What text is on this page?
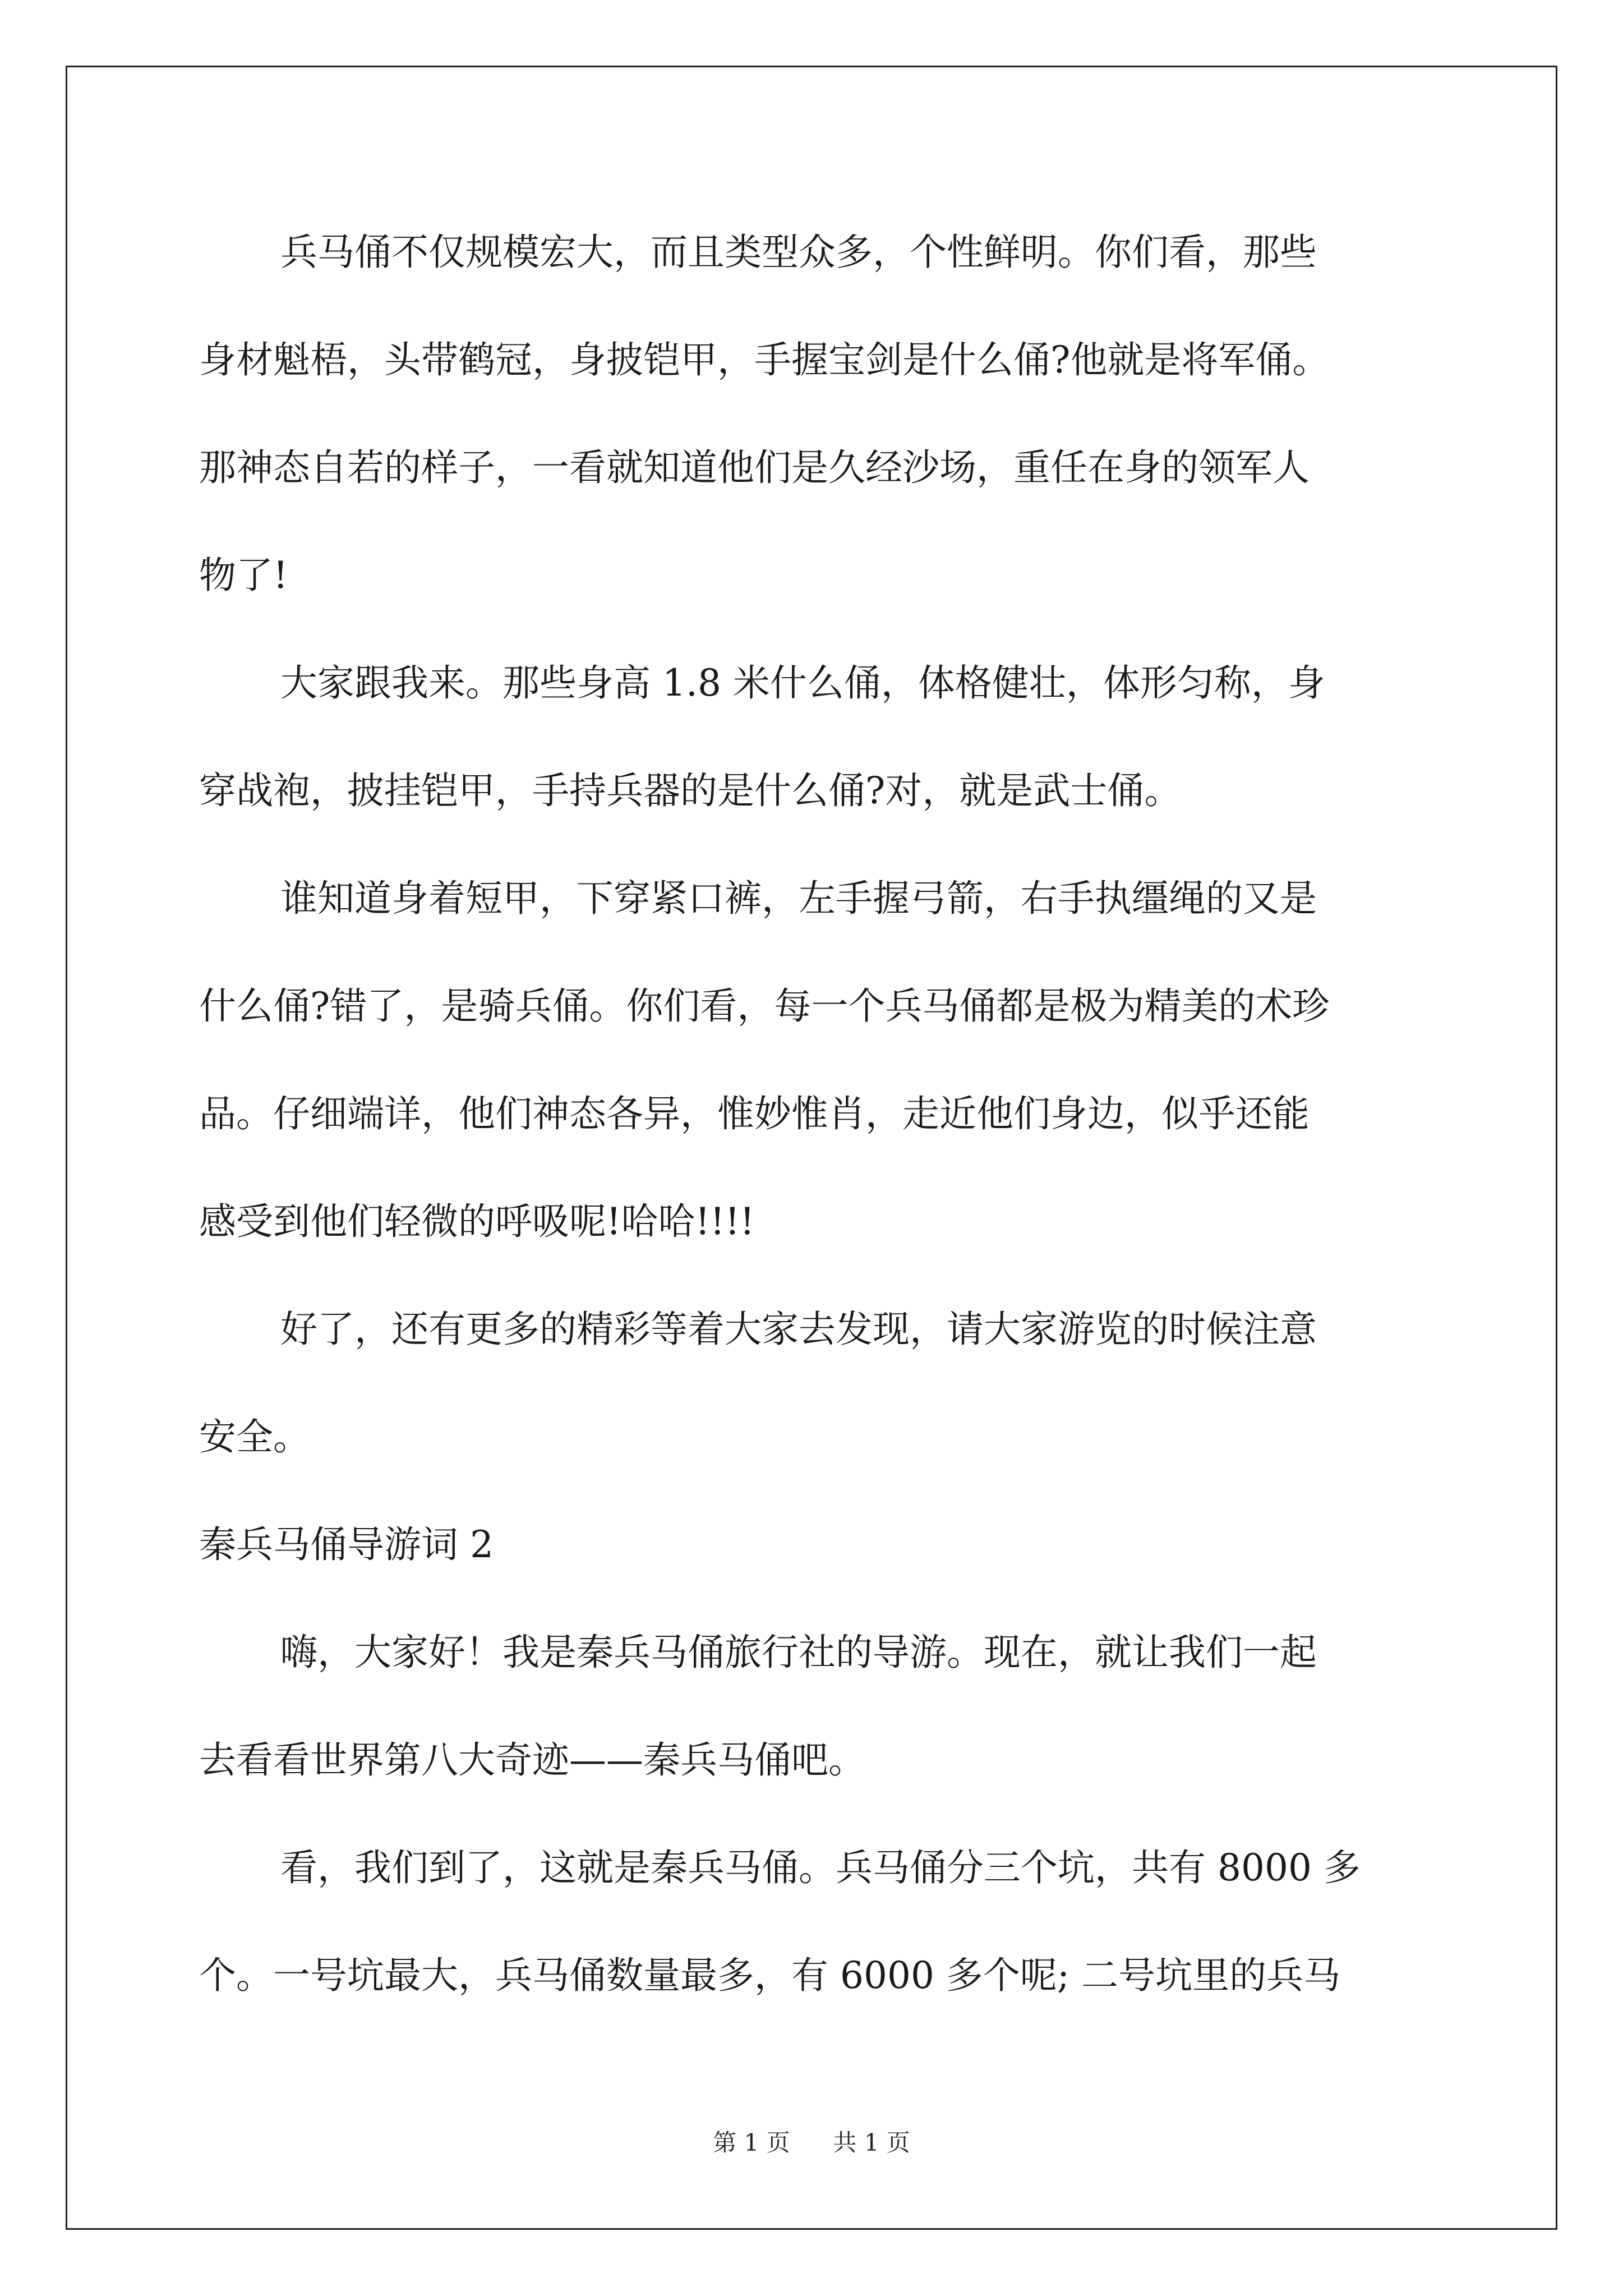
兵马俑不仅规模宏大，而且类型众多，个性鲜明。你们看，那些
身材魁梧，头带鹤冠，身披铠甲，手握宝剑是什么俑?他就是将军俑。
那神态自若的样子，一看就知道他们是久经沙场，重任在身的领军人
物了!
大家跟我来。那些身高 1.8 米什么俑，体格健壮，体形匀称，身
穿战袍，披挂铠甲，手持兵器的是什么俑?对，就是武士俑。
谁知道身着短甲，下穿紧口裤，左手握弓箭，右手执缰绳的又是
什么俑?错了，是骑兵俑。你们看，每一个兵马俑都是极为精美的术珍
品。仔细端详，他们神态各异，惟妙惟肖，走近他们身边，似乎还能
感受到他们轻微的呼吸呢!哈哈!!!!
好了，还有更多的精彩等着大家去发现，请大家游览的时候注意
安全。
秦兵马俑导游词 2
嗨，大家好！我是秦兵马俑旅行社的导游。现在，就让我们一起
去看看世界第八大奇迹——秦兵马俑吧。
看，我们到了，这就是秦兵马俑。兵马俑分三个坑，共有 8000 多
个。一号坑最大，兵马俑数量最多，有 6000 多个呢; 二号坑里的兵马
第 1 页 共 1 页
